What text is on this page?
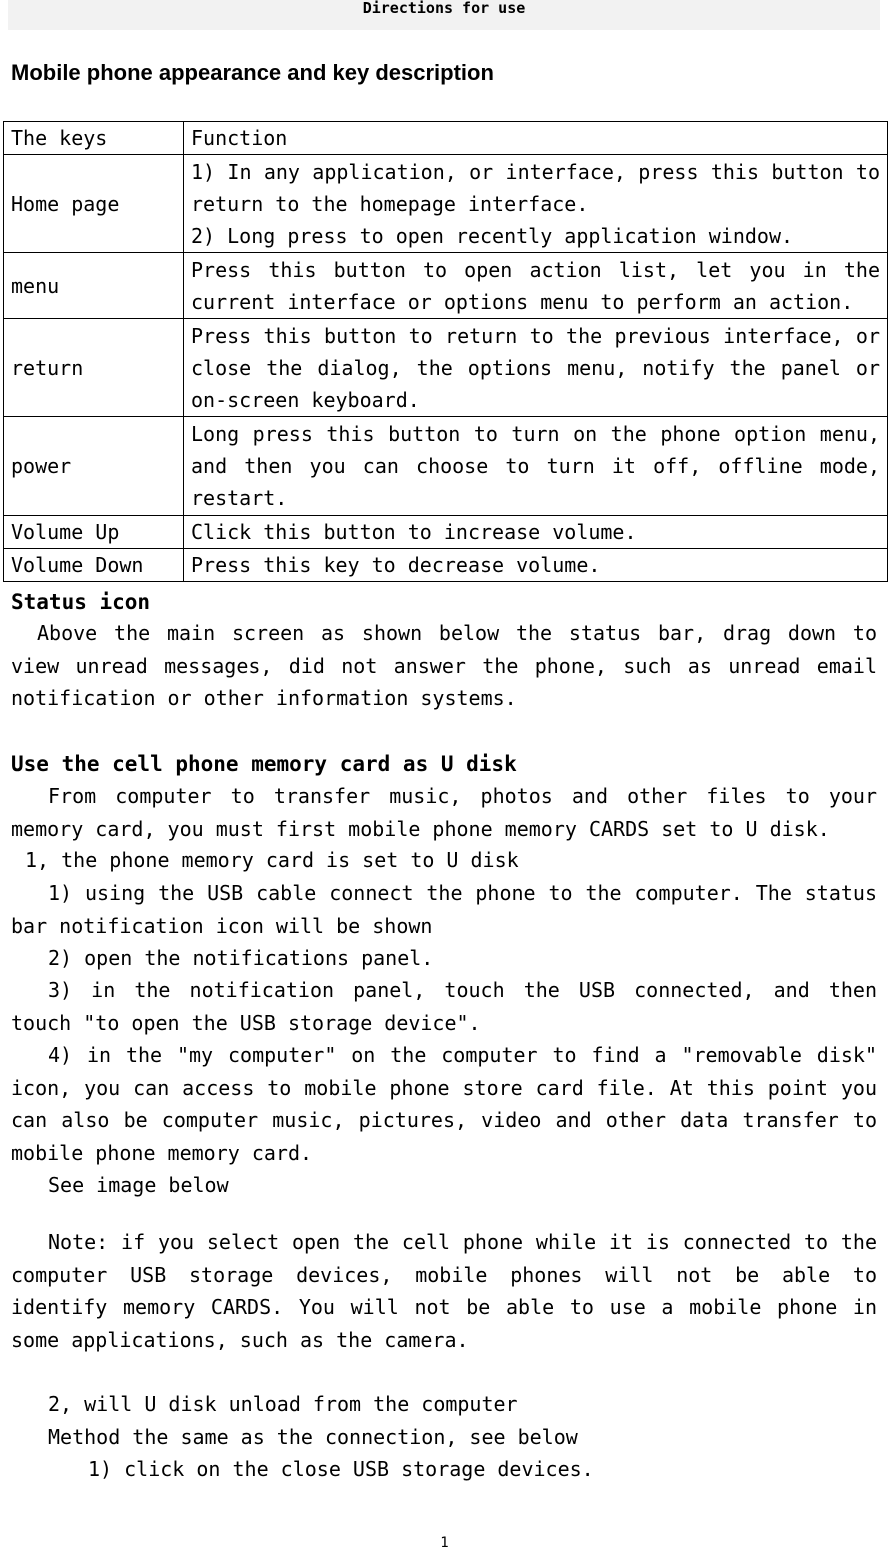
Directions for use
Mobile phone appearance and key description
The keys	Function
Home page	1) In any application, or interface, press this button to return to the homepage interface.
2) Long press to open recently application window.

menu	Press this button to open action list, let you in the current interface or options menu to perform an action.
return	Press this button to return to the previous interface, or close the dialog, the options menu, notify the panel or on-screen keyboard.
power	Long press this button to turn on the phone option menu, and then you can choose to turn it off, offline mode, restart.
Volume Up	Click this button to increase volume.
Volume Down	Press this key to decrease volume.
Status icon

Above the main screen as shown below the status bar, drag down to view unread messages, did not answer the phone, such as unread email notification or other information systems.

Use the cell phone memory card as U disk

From computer to transfer music, photos and other files to your memory card, you must first mobile phone memory CARDS set to U disk.

1, the phone memory card is set to U disk

1) using the USB cable connect the phone to the computer. The status bar notification icon will be shown

2) open the notifications panel.

3) in the notification panel, touch the USB connected, and then touch "to open the USB storage device".

4) in the "my computer" on the computer to find a "removable disk" icon, you can access to mobile phone store card file. At this point you can also be computer music, pictures, video and other data transfer to mobile phone memory card.

See image below

Note: if you select open the cell phone while it is connected to the computer USB storage devices, mobile phones will not be able to identify memory CARDS. You will not be able to use a mobile phone in some applications, such as the camera.

2, will U disk unload from the computer

Method the same as the connection, see below

1) click on the close USB storage devices.

1
